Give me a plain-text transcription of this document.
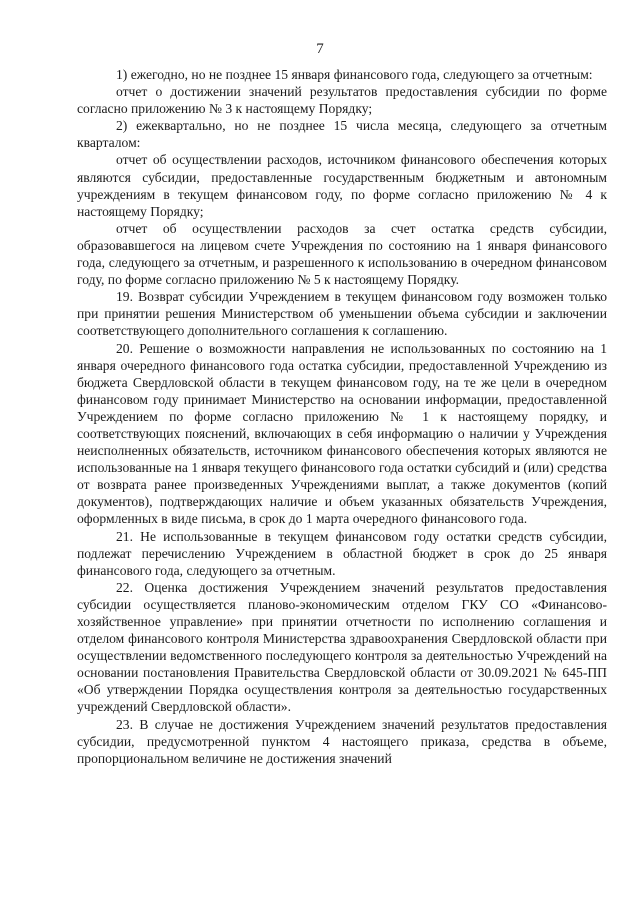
7

1) ежегодно, но не позднее 15 января финансового года, следующего за отчетным:

отчет о достижении значений результатов предоставления субсидии по форме согласно приложению № 3 к настоящему Порядку;

2) ежеквартально, но не позднее 15 числа месяца, следующего за отчетным кварталом:

отчет об осуществлении расходов, источником финансового обеспечения которых являются субсидии, предоставленные государственным бюджетным и автономным учреждениям в текущем финансовом году, по форме согласно приложению № 4 к настоящему Порядку;

отчет об осуществлении расходов за счет остатка средств субсидии, образовавшегося на лицевом счете Учреждения по состоянию на 1 января финансового года, следующего за отчетным, и разрешенного к использованию в очередном финансовом году, по форме согласно приложению № 5 к настоящему Порядку.

19. Возврат субсидии Учреждением в текущем финансовом году возможен только при принятии решения Министерством об уменьшении объема субсидии и заключении соответствующего дополнительного соглашения к соглашению.

20. Решение о возможности направления не использованных по состоянию на 1 января очередного финансового года остатка субсидии, предоставленной Учреждению из бюджета Свердловской области в текущем финансовом году, на те же цели в очередном финансовом году принимает Министерство на основании информации, предоставленной Учреждением по форме согласно приложению № 1 к настоящему порядку, и соответствующих пояснений, включающих в себя информацию о наличии у Учреждения неисполненных обязательств, источником финансового обеспечения которых являются не использованные на 1 января текущего финансового года остатки субсидий и (или) средства от возврата ранее произведенных Учреждениями выплат, а также документов (копий документов), подтверждающих наличие и объем указанных обязательств Учреждения, оформленных в виде письма, в срок до 1 марта очередного финансового года.

21. Не использованные в текущем финансовом году остатки средств субсидии, подлежат перечислению Учреждением в областной бюджет в срок до 25 января финансового года, следующего за отчетным.

22. Оценка достижения Учреждением значений результатов предоставления субсидии осуществляется планово-экономическим отделом ГКУ СО «Финансово-хозяйственное управление» при принятии отчетности по исполнению соглашения и отделом финансового контроля Министерства здравоохранения Свердловской области при осуществлении ведомственного последующего контроля за деятельностью Учреждений на основании постановления Правительства Свердловской области от 30.09.2021 № 645-ПП «Об утверждении Порядка осуществления контроля за деятельностью государственных учреждений Свердловской области».

23. В случае не достижения Учреждением значений результатов предоставления субсидии, предусмотренной пунктом 4 настоящего приказа, средства в объеме, пропорциональном величине не достижения значений
